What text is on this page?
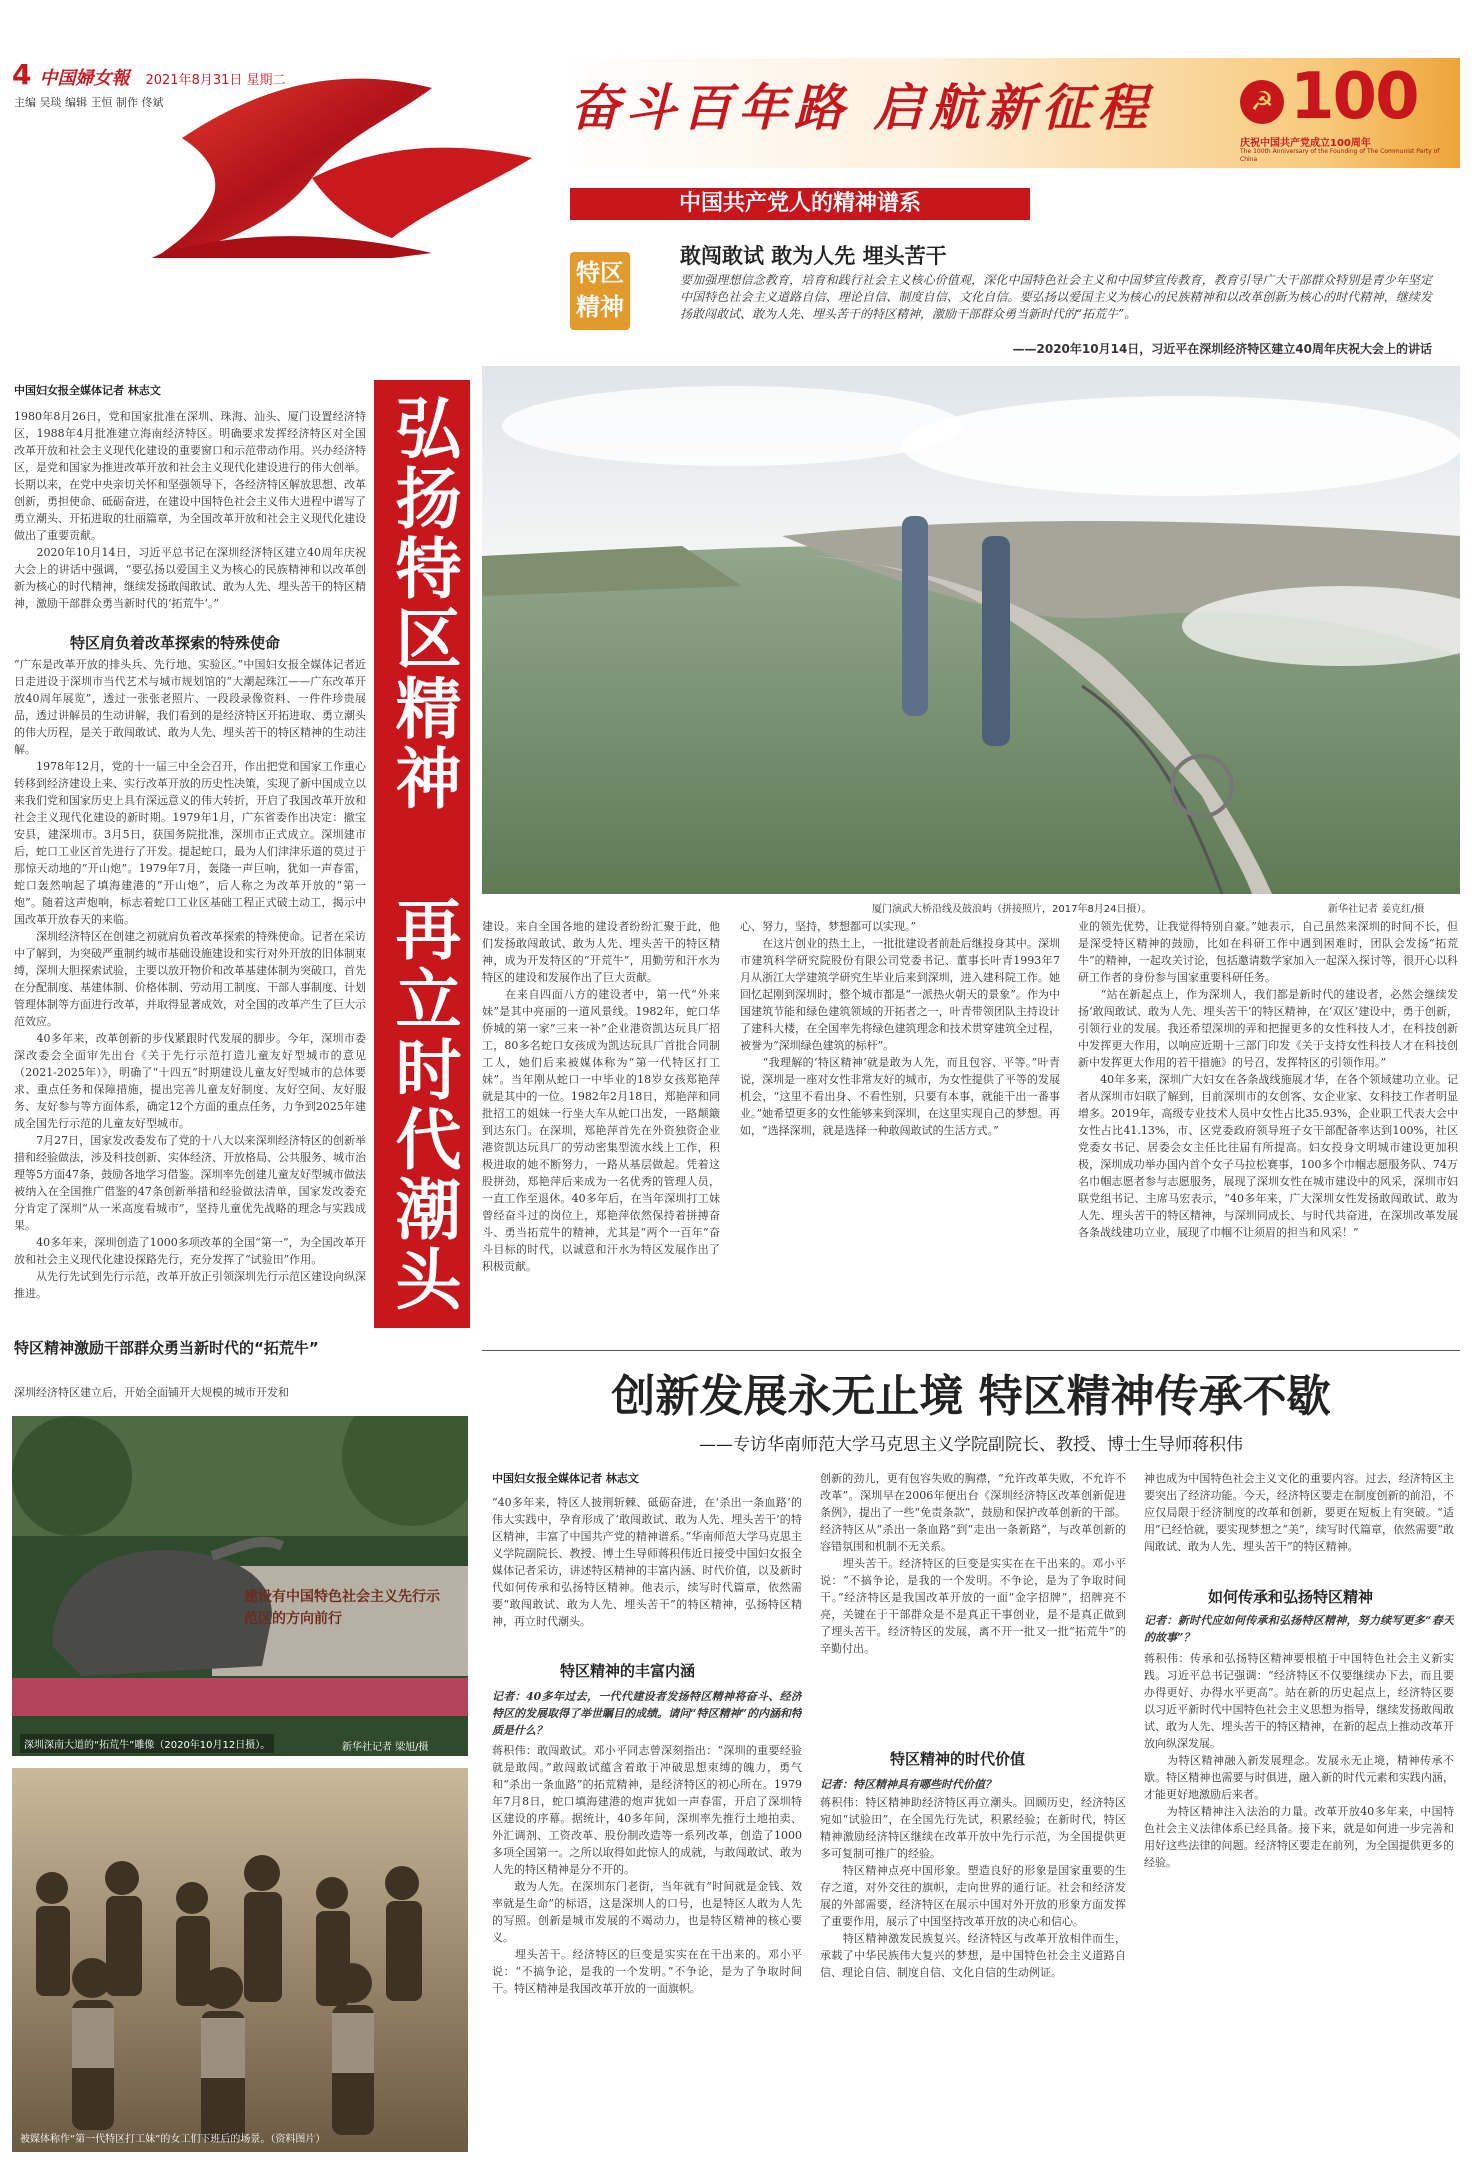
4 中国婦女報 2021年8月31日 星期二
主编 吴琰 编辑 王恒 制作 佟斌	奋斗百年路 启航新征程	☭ 100
庆祝中国共产党成立100周年
The 100th Anniversary of the Founding of The Communist Party of China
中国共产党人的精神谱系
特区精神
敢闯敢试 敢为人先 埋头苦干
要加强理想信念教育，培育和践行社会主义核心价值观，深化中国特色社会主义和中国梦宣传教育，教育引导广大干部群众特别是青少年坚定中国特色社会主义道路自信、理论自信、制度自信、文化自信。要弘扬以爱国主义为核心的民族精神和以改革创新为核心的时代精神，继续发扬敢闯敢试、敢为人先、埋头苦干的特区精神，激励干部群众勇当新时代的“拓荒牛”。
——2020年10月14日，习近平在深圳经济特区建立40周年庆祝大会上的讲话
中国妇女报全媒体记者 林志文
1980年8月26日，党和国家批准在深圳、珠海、汕头、厦门设置经济特区，1988年4月批准建立海南经济特区。明确要求发挥经济特区对全国改革开放和社会主义现代化建设的重要窗口和示范带动作用。兴办经济特区，是党和国家为推进改革开放和社会主义现代化建设进行的伟大创举。长期以来，在党中央亲切关怀和坚强领导下，各经济特区解放思想、改革创新，勇担使命、砥砺奋进，在建设中国特色社会主义伟大进程中谱写了勇立潮头、开拓进取的壮丽篇章，为全国改革开放和社会主义现代化建设做出了重要贡献。
　　2020年10月14日，习近平总书记在深圳经济特区建立40周年庆祝大会上的讲话中强调，“要弘扬以爱国主义为核心的民族精神和以改革创新为核心的时代精神，继续发扬敢闯敢试、敢为人先、埋头苦干的特区精神，激励干部群众勇当新时代的‘拓荒牛’。”
特区肩负着改革探索的特殊使命
“广东是改革开放的排头兵、先行地、实验区。”中国妇女报全媒体记者近日走进设于深圳市当代艺术与城市规划馆的“大潮起珠江——广东改革开放40周年展览”，透过一张张老照片、一段段录像资料、一件件珍贵展品，透过讲解员的生动讲解，我们看到的是经济特区开拓进取、勇立潮头的伟大历程，是关于敢闯敢试、敢为人先、埋头苦干的特区精神的生动注解。
　　1978年12月，党的十一届三中全会召开，作出把党和国家工作重心转移到经济建设上来、实行改革开放的历史性决策，实现了新中国成立以来我们党和国家历史上具有深远意义的伟大转折，开启了我国改革开放和社会主义现代化建设的新时期。1979年1月，广东省委作出决定：撤宝安县，建深圳市。3月5日，获国务院批准，深圳市正式成立。深圳建市后，蛇口工业区首先进行了开发。提起蛇口，最为人们津津乐道的莫过于那惊天动地的“开山炮”。1979年7月，轰隆一声巨响，犹如一声春雷，蛇口轰然响起了填海建港的“开山炮”，后人称之为改革开放的“第一炮”。随着这声炮响，标志着蛇口工业区基础工程正式破土动工，揭示中国改革开放春天的来临。
　　深圳经济特区在创建之初就肩负着改革探索的特殊使命。记者在采访中了解到，为突破严重制约城市基础设施建设和实行对外开放的旧体制束缚，深圳大胆探索试验，主要以放开物价和改革基建体制为突破口，首先在分配制度、基建体制、价格体制、劳动用工制度、干部人事制度、计划管理体制等方面进行改革，并取得显著成效，对全国的改革产生了巨大示范效应。
　　40多年来，改革创新的步伐紧跟时代发展的脚步。今年，深圳市委深改委会全面审先出台《关于先行示范打造儿童友好型城市的意见（2021-2025年）》，明确了“十四五”时期建设儿童友好型城市的总体要求、重点任务和保障措施，提出完善儿童友好制度、友好空间、友好服务、友好参与等方面体系，确定12个方面的重点任务，力争到2025年建成全国先行示范的儿童友好型城市。
　　7月27日，国家发改委发布了党的十八大以来深圳经济特区的创新举措和经验做法，涉及科技创新、实体经济、开放格局、公共服务、城市治理等5方面47条，鼓励各地学习借鉴。深圳率先创建儿童友好型城市做法被纳入在全国推广借鉴的47条创新举措和经验做法清单，国家发改委充分肯定了深圳“从一米高度看城市”，坚持儿童优先战略的理念与实践成果。
　　40多年来，深圳创造了1000多项改革的全国“第一”，为全国改革开放和社会主义现代化建设探路先行，充分发挥了“试验田”作用。
　　从先行先试到先行示范，改革开放正引领深圳先行示范区建设向纵深推进。
特区精神激励干部群众勇当新时代的“拓荒牛”
深圳经济特区建立后，开始全面铺开大规模的城市开发和
弘扬特区精神 再立时代潮头	厦门演武大桥沿线及鼓浪屿（拼接照片，2017年8月24日摄）。	新华社记者 姜克红/摄
建设。来自全国各地的建设者纷纷汇聚于此，他们发扬敢闯敢试、敢为人先、埋头苦干的特区精神，成为开发特区的“开荒牛”，用勤劳和汗水为特区的建设和发展作出了巨大贡献。
　　在来自四面八方的建设者中，第一代“外来妹”是其中亮丽的一道风景线。1982年，蛇口华侨城的第一家“三来一补”企业港资凯达玩具厂招工，80多名蛇口女孩成为凯达玩具厂首批合同制工人，她们后来被媒体称为“第一代特区打工妹”。当年刚从蛇口一中毕业的18岁女孩郑艳萍就是其中的一位。1982年2月18日，郑艳萍和同批招工的姐妹一行坐大车从蛇口出发，一路颠簸到达东门。在深圳，郑艳萍首先在外资独资企业港资凯达玩具厂的劳动密集型流水线上工作，积极进取的她不断努力，一路从基层做起。凭着这股拼劲，郑艳萍后来成为一名优秀的管理人员，一直工作至退休。40多年后，在当年深圳打工妹曾经奋斗过的岗位上，郑艳萍依然保持着拼搏奋斗、勇当拓荒牛的精神，尤其是“两个一百年”奋斗目标的时代，以诚意和汗水为特区发展作出了积极贡献。
心、努力，坚持，梦想都可以实现。”
　　在这片创业的热土上，一批批建设者前赴后继投身其中。深圳市建筑科学研究院股份有限公司党委书记、董事长叶青1993年7月从浙江大学建筑学研究生毕业后来到深圳，进入建科院工作。她回忆起刚到深圳时，整个城市都是“一派热火朝天的景象”。作为中国建筑节能和绿色建筑领域的开拓者之一，叶青带领团队主持设计了建科大楼，在全国率先将绿色建筑理念和技术贯穿建筑全过程，被誉为“深圳绿色建筑的标杆”。
　　“我理解的‘特区精神’就是敢为人先，而且包容、平等。”叶青说，深圳是一座对女性非常友好的城市，为女性提供了平等的发展机会，“这里不看出身、不看性别，只要有本事，就能干出一番事业。”她希望更多的女性能够来到深圳，在这里实现自己的梦想。再如，“选择深圳，就是选择一种敢闯敢试的生活方式。”
业的领先优势，让我觉得特别自豪。”她表示，自己虽然来深圳的时间不长，但是深受特区精神的鼓励，比如在科研工作中遇到困难时，团队会发扬“拓荒牛”的精神，一起攻关讨论，包括邀请数学家加入一起深入探讨等，很开心以科研工作者的身份参与国家重要科研任务。
　　“站在新起点上，作为深圳人，我们都是新时代的建设者，必然会继续发扬‘敢闯敢试、敢为人先、埋头苦干’的特区精神，在‘双区’建设中，勇于创新，引领行业的发展。我还希望深圳的弄和把握更多的女性科技人才，在科技创新中发挥更大作用，以响应近期十三部门印发《关于支持女性科技人才在科技创新中发挥更大作用的若干措施》的号召，发挥特区的引领作用。”
　　40年多来，深圳广大妇女在各条战线施展才华，在各个领域建功立业。记者从深圳市妇联了解到，目前深圳市的女创客、女企业家、女科技工作者明显增多。2019年，高级专业技术人员中女性占比35.93%，企业职工代表大会中女性占比41.13%，市、区党委政府领导班子女干部配备率达到100%，社区党委女书记、居委会女主任比往届有所提高。妇女投身文明城市建设更加积极，深圳成功举办国内首个女子马拉松赛事，100多个巾帼志愿服务队、74万名巾帼志愿者参与志愿服务，展现了深圳女性在城市建设中的风采，深圳市妇联党组书记、主席马宏表示，“40多年来，广大深圳女性发扬敢闯敢试、敢为人先、埋头苦干的特区精神，与深圳同成长、与时代共奋进，在深圳改革发展各条战线建功立业，展现了巾帼不让须眉的担当和风采！”
创新发展永无止境 特区精神传承不歇
——专访华南师范大学马克思主义学院副院长、教授、博士生导师蒋积伟
中国妇女报全媒体记者 林志文
“40多年来，特区人披荆斩棘、砥砺奋进，在‘杀出一条血路’的伟大实践中，孕育形成了‘敢闯敢试、敢为人先、埋头苦干’的特区精神，丰富了中国共产党的精神谱系。”华南师范大学马克思主义学院副院长、教授、博士生导师蒋积伟近日接受中国妇女报全媒体记者采访，讲述特区精神的丰富内涵、时代价值，以及新时代如何传承和弘扬特区精神。他表示，续写时代篇章，依然需要“敢闯敢试、敢为人先、埋头苦干”的特区精神，弘扬特区精神，再立时代潮头。
特区精神的丰富内涵
记者：40多年过去，一代代建设者发扬特区精神将奋斗、经济特区的发展取得了举世瞩目的成绩。请问“特区精神”的内涵和特质是什么？
蒋积伟：敢闯敢试。邓小平同志曾深刻指出：“深圳的重要经验就是敢闯。”敢闯敢试蕴含着敢于冲破思想束缚的魄力，勇气和“杀出一条血路”的拓荒精神，是经济特区的初心所在。1979年7月8日，蛇口填海建港的炮声犹如一声春雷，开启了深圳特区建设的序幕。据统计，40多年间，深圳率先推行土地拍卖、外汇调剂、工资改革、股份制改造等一系列改革，创造了1000多项全国第一。之所以取得如此惊人的成就，与敢闯敢试、敢为人先的特区精神是分不开的。
　　敢为人先。在深圳东门老街，当年就有“时间就是金钱、效率就是生命”的标语，这是深圳人的口号，也是特区人敢为人先的写照。创新是城市发展的不竭动力，也是特区精神的核心要义。
　　埋头苦干。经济特区的巨变是实实在在干出来的。邓小平说：“不搞争论，是我的一个发明。”不争论，是为了争取时间干。特区精神是我国改革开放的一面旗帜。
创新的劲儿，更有包容失败的胸襟，“允许改革失败，不允许不改革”。深圳早在2006年便出台《深圳经济特区改革创新促进条例》，提出了一些“免责条款”，鼓励和保护改革创新的干部。经济特区从“杀出一条血路”到“走出一条新路”，与改革创新的容错氛围和机制不无关系。
　　埋头苦干。经济特区的巨变是实实在在干出来的。邓小平说：“不搞争论，是我的一个发明。不争论，是为了争取时间干。”经济特区是我国改革开放的一面“金字招牌”，招牌亮不亮，关键在于干部群众是不是真正干事创业，是不是真正做到了埋头苦干。经济特区的发展，离不开一批又一批“拓荒牛”的辛勤付出。
特区精神的时代价值
记者：特区精神具有哪些时代价值？
蒋积伟：特区精神助经济特区再立潮头。回顾历史，经济特区宛如“试验田”，在全国先行先试，积累经验；在新时代，特区精神激励经济特区继续在改革开放中先行示范，为全国提供更多可复制可推广的经验。
　　特区精神点亮中国形象。塑造良好的形象是国家重要的生存之道，对外交往的旗帜，走向世界的通行证。社会和经济发展的外部需要，经济特区在展示中国对外开放的形象方面发挥了重要作用，展示了中国坚持改革开放的决心和信心。
　　特区精神激发民族复兴。经济特区与改革开放相伴而生，承载了中华民族伟大复兴的梦想，是中国特色社会主义道路自信、理论自信、制度自信、文化自信的生动例证。
神也成为中国特色社会主义文化的重要内容。过去，经济特区主要突出了经济功能。今天，经济特区要走在制度创新的前沿，不应仅局限于经济制度的改革和创新，要更在短板上有突破。“适用”已经恰就，要实现梦想之“美”，续写时代篇章，依然需要“敢闯敢试、敢为人先、埋头苦干”的特区精神。
如何传承和弘扬特区精神
记者：新时代应如何传承和弘扬特区精神，努力续写更多“春天的故事”？
蒋积伟：传承和弘扬特区精神要根植于中国特色社会主义新实践。习近平总书记强调：“经济特区不仅要继续办下去，而且要办得更好、办得水平更高”。站在新的历史起点上，经济特区要以习近平新时代中国特色社会主义思想为指导，继续发扬敢闯敢试、敢为人先、埋头苦干的特区精神，在新的起点上推动改革开放向纵深发展。
　　为特区精神融入新发展理念。发展永无止境，精神传承不歇。特区精神也需要与时俱进，融入新的时代元素和实践内涵，才能更好地激励后来者。
　　为特区精神注入法治的力量。改革开放40多年来，中国特色社会主义法律体系已经具备。接下来，就是如何进一步完善和用好这些法律的问题。经济特区要走在前列，为全国提供更多的经验。
建设有中国特色社会主义先行示范区的方向前行
深圳深南大道的“拓荒牛”雕像（2020年10月12日摄）。	新华社记者 梁旭/摄
被媒体称作“第一代特区打工妹”的女工们下班后的场景。（资料图片）
